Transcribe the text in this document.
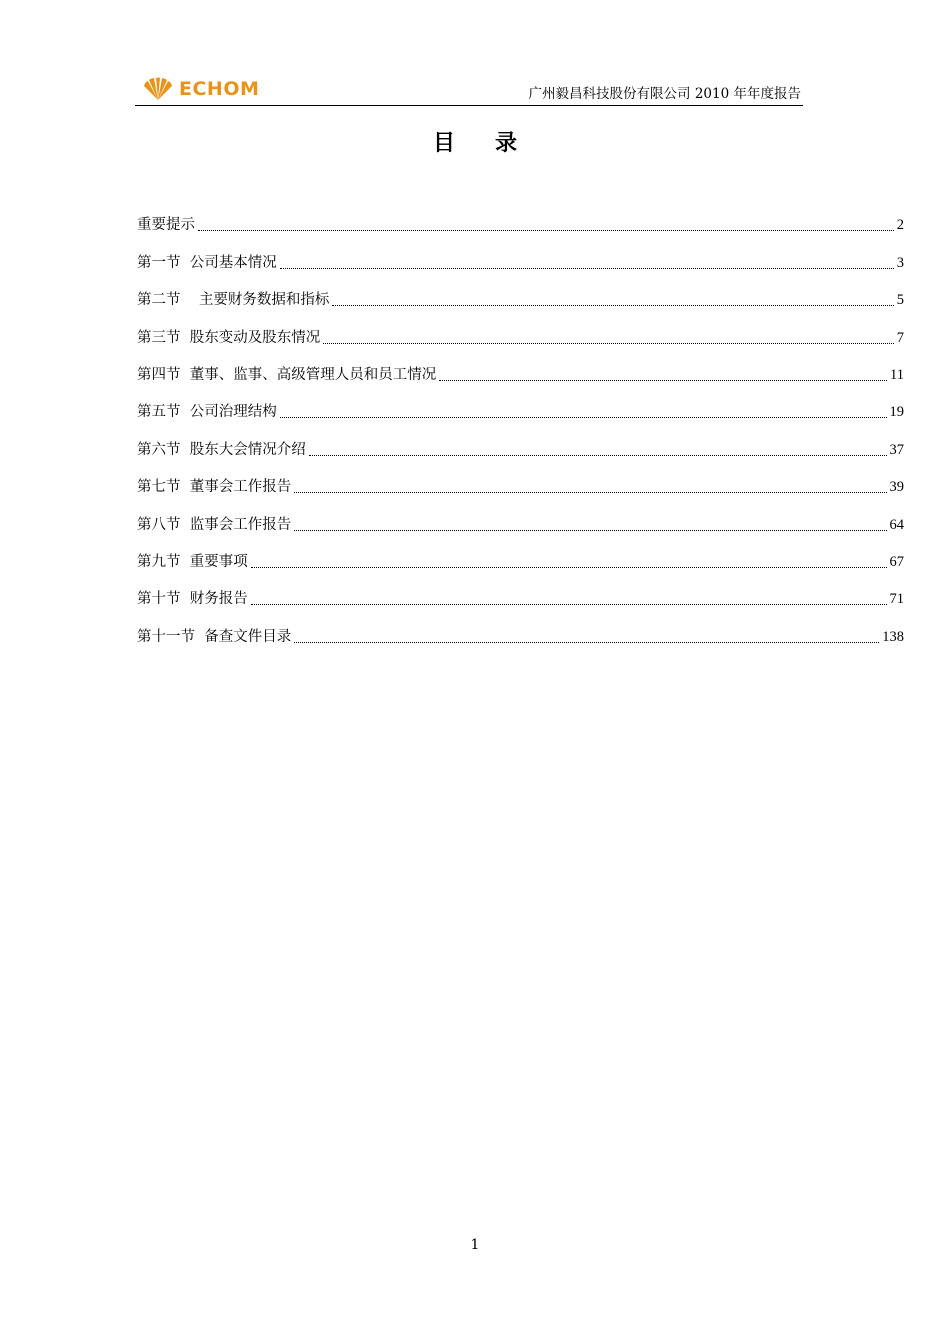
ECHOM	广州毅昌科技股份有限公司 2010 年年度报告
目录
重要提示	2
第一节 公司基本情况	3
第二节 主要财务数据和指标	5
第三节 股东变动及股东情况	7
第四节 董事、监事、高级管理人员和员工情况	11
第五节 公司治理结构	19
第六节 股东大会情况介绍	37
第七节 董事会工作报告	39
第八节 监事会工作报告	64
第九节 重要事项	67
第十节 财务报告	71
第十一节 备查文件目录	138
1
